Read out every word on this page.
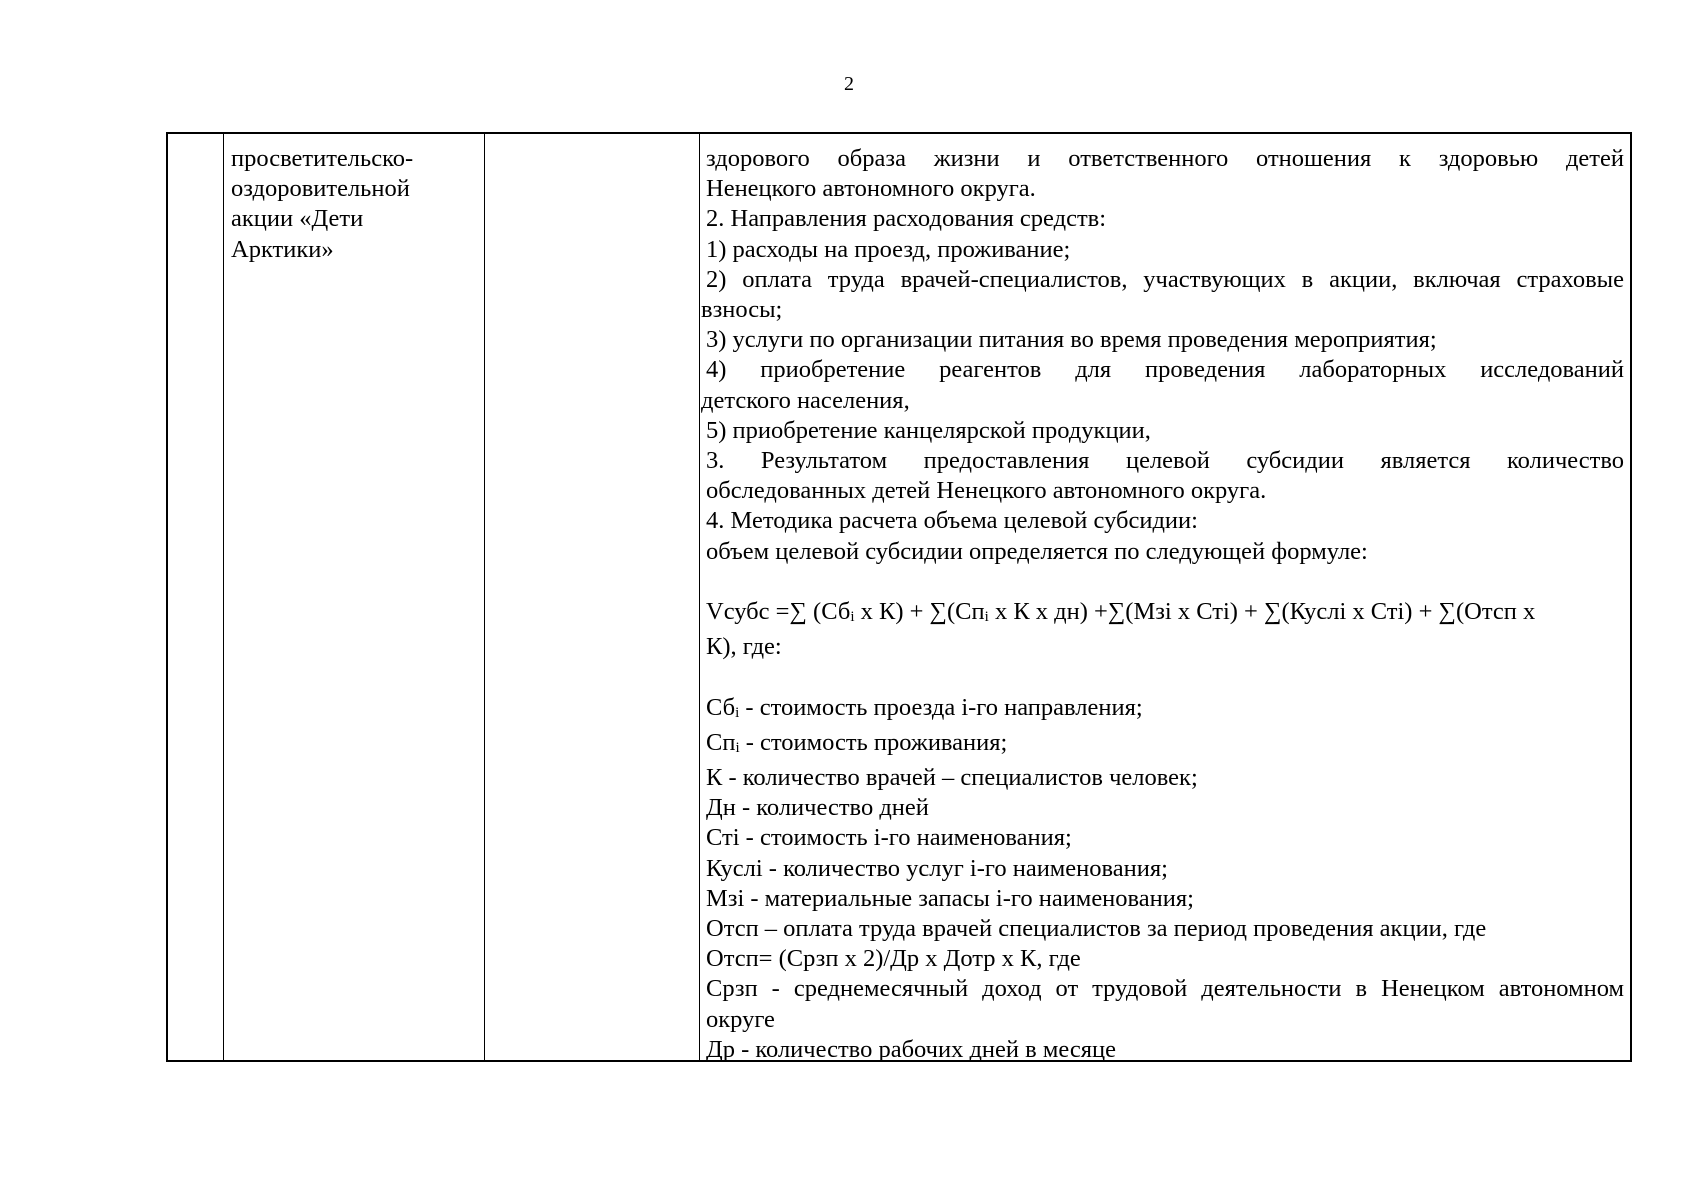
2
просветительско-
оздоровительной
акции «Дети
Арктики»
здорового образа жизни и ответственного отношения к здоровью детей
Ненецкого автономного округа.
2. Направления расходования средств:
1) расходы на проезд, проживание;
2) оплата труда врачей-специалистов, участвующих в акции, включая страховые
взносы;
3) услуги по организации питания во время проведения мероприятия;
4) приобретение реагентов для проведения лабораторных исследований
детского населения,
5) приобретение канцелярской продукции,
3. Результатом предоставления целевой субсидии является количество
обследованных детей Ненецкого автономного округа.
4. Методика расчета объема целевой субсидии:
объем целевой субсидии определяется по следующей формуле:
Vсубс =∑ ($Сб_i$ x $К) + \sum(Сп_i$ x К x дн) +∑(Мзi x Стi) + ∑(Куслi x Стi) + ∑(Отсп x
К), где:
$Сб_i$ - стоимость проезда i-го направления;
$Сп_i$ - стоимость проживания;
К - количество врачей – специалистов человек;
Дн - количество дней
Стi - стоимость i-го наименования;
Куслi - количество услуг i-го наименования;
Мзi - материальные запасы i-го наименования;
Отсп – оплата труда врачей специалистов за период проведения акции, где
Отсп= (Срзп x 2)/Др x Дотр x К, где
Срзп - среднемесячный доход от трудовой деятельности в Ненецком автономном
округе
Др - количество рабочих дней в месяце
